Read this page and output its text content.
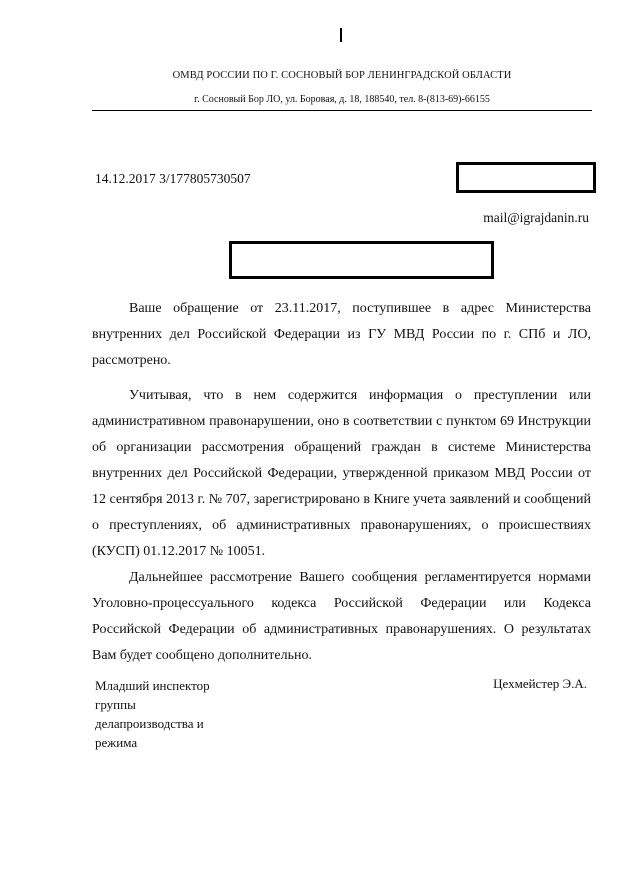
ОМВД РОССИИ ПО Г. СОСНОВЫЙ БОР ЛЕНИНГРАДСКОЙ ОБЛАСТИ
г. Сосновый Бор ЛО, ул. Боровая, д. 18, 188540, тел. 8-(813-69)-66155
14.12.2017 3/177805730507
mail@igrajdanin.ru

Ваше обращение от 23.11.2017, поступившее в адрес Министерства внутренних дел Российской Федерации из ГУ МВД России по г. СПб и ЛО, рассмотрено.

Учитывая, что в нем содержится информация о преступлении или административном правонарушении, оно в соответствии с пунктом 69 Инструкции об организации рассмотрения обращений граждан в системе Министерства внутренних дел Российской Федерации, утвержденной приказом МВД России от 12 сентября 2013 г. № 707, зарегистрировано в Книге учета заявлений и сообщений о преступлениях, об административных правонарушениях, о происшествиях (КУСП) 01.12.2017 № 10051.

Дальнейшее рассмотрение Вашего сообщения регламентируется нормами Уголовно-процессуального кодекса Российской Федерации или Кодекса Российской Федерации об административных правонарушениях. О результатах Вам будет сообщено дополнительно.

Младший инспектор группы делапроизводства и режима
Цехмейстер Э.А.
